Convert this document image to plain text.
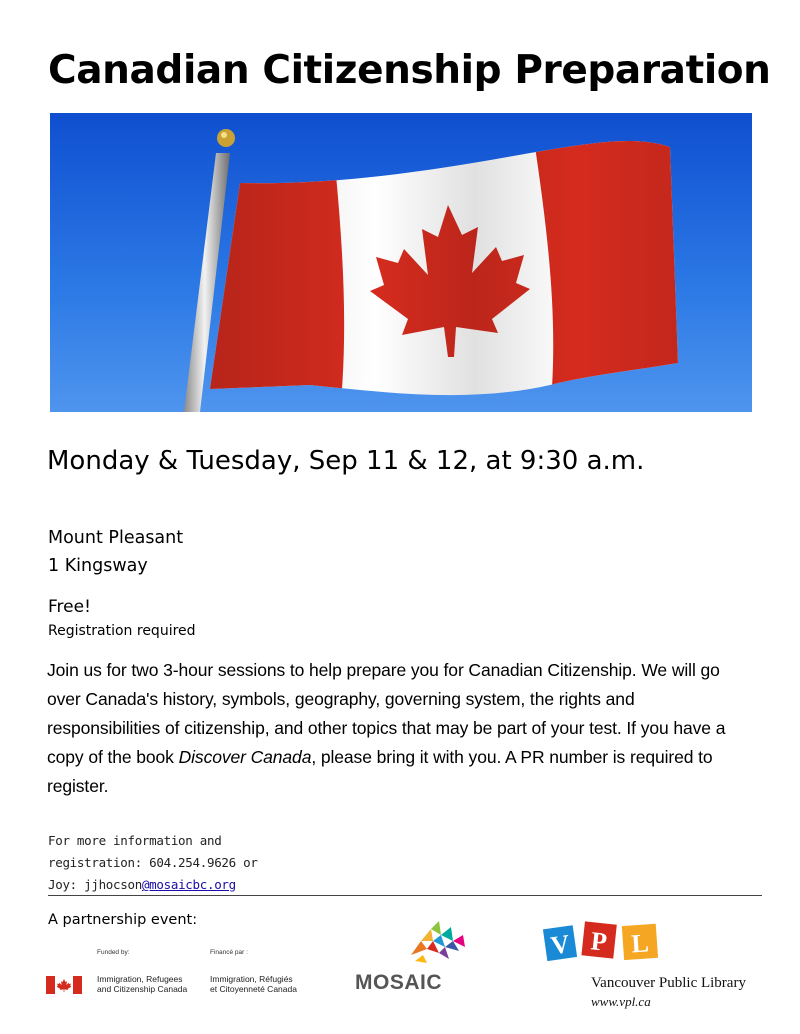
Canadian Citizenship Preparation
Monday & Tuesday, Sep 11 & 12, at 9:30 a.m.
Mount Pleasant
1 Kingsway
Free!
Registration required
Join us for two 3-hour sessions to help prepare you for Canadian Citizenship. We will go over Canada's history, symbols, geography, governing system, the rights and responsibilities of citizenship, and other topics that may be part of your test. If you have a copy of the book Discover Canada, please bring it with you. A PR number is required to register.
For more information and
registration: 604.254.9626 or
Joy: jjhocson@mosaicbc.org
A partnership event:
Funded by:	Financé par :
Immigration, Refugees
and Citizenship Canada
Immigration, Réfugiés
et Citoyenneté Canada	MOSAIC
V P L
Vancouver Public Library
www.vpl.ca
